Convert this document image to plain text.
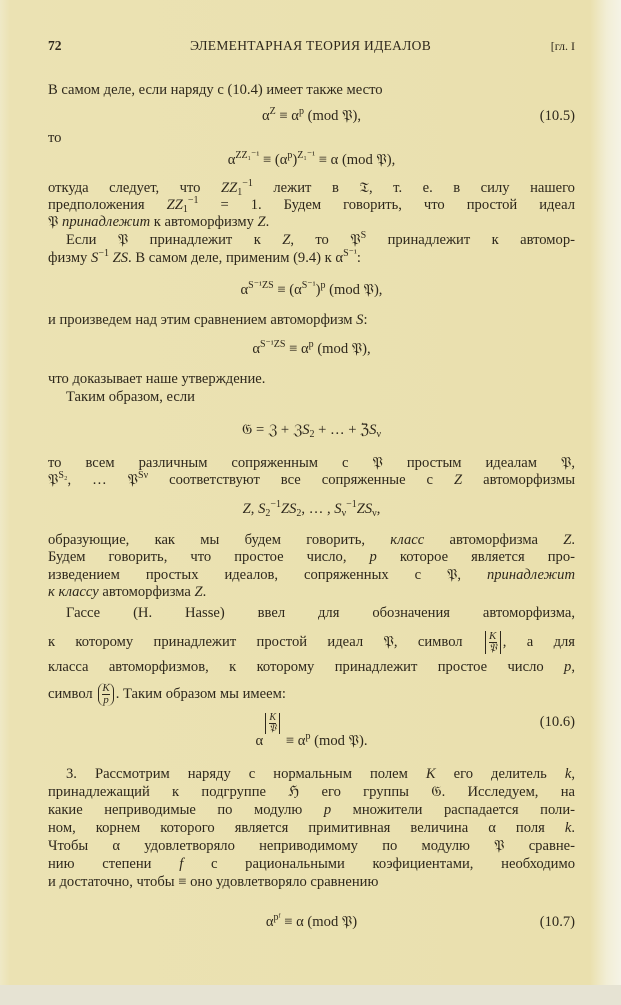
72	ЭЛЕМЕНТАРНАЯ ТЕОРИЯ ИДЕАЛОВ	[гл. I
В самом деле, если наряду с (10.4) имеет также место
$\alpha^Z \equiv \alpha^p$ (mod 𝔓),	(10.5)
то
$\alpha^{ZZ_1^{-1}} \equiv (\alpha^p)^{Z_1^{-1}} \equiv \alpha$ (mod 𝔓),
откуда следует, что $ZZ_1^{-1}$ лежит в 𝔗, т. е. в силу нашего
предположения $ZZ_1^{-1} = 1$. Будем говорить, что простой идеал
𝔓 принадлежит к автоморфизму Z.
Если 𝔓 принадлежит к Z, то 𝔓$^S$ принадлежит к автомор-
физму $S^{-1}$ ZS. В самом деле, применим (9.4) к $\alpha^{S^{-1}}$:
$\alpha^{S^{-1}ZS} \equiv (\alpha^{S^{-1}})^p$ (mod 𝔓),
и произведем над этим сравнением автоморфизм S:
$\alpha^{S^{-1}ZS} \equiv \alpha^p$ (mod 𝔓),
что доказывает наше утверждение.
Таким образом, если
𝔊 = ℨ + ℨS$_2$ + … + ℨS$_\nu$
то всем различным сопряженным с 𝔓 простым идеалам 𝔓,
𝔓$^{S_2}$, … 𝔓$^{S\nu}$ соответствуют все сопряженные с Z автоморфизмы
Z, $S_2^{-1}ZS_2$, … , $S_\nu^{-1}ZS_\nu$,
образующие, как мы будем говорить, класс автоморфизма Z.
Будем говорить, что простое число, p которое является про-
изведением простых идеалов, сопряженных с 𝔓, принадлежит
к классу автоморфизма Z.
Гассе (H. Hasse) ввел для обозначения автоморфизма,
к которому принадлежит простой идеал 𝔓, символ $\frac{K}{\text{𝔓}}$ , а для
класса автоморфизмов, к которому принадлежит простое число p,
символ $\frac{K}{p}$ . Таким образом мы имеем:
α
$\frac{K}{\text{𝔓}}$
≡ $\alpha^p$ (mod 𝔓).
(10.6)
3. Рассмотрим наряду с нормальным полем K его делитель k,
принадлежащий к подгруппе ℌ его группы 𝔊. Исследуем, на
какие неприводимые по модулю p множители распадается поли-
ном, корнем которого является примитивная величина α поля k.
Чтобы α удовлетворяло неприводимому по модулю 𝔓 сравне-
нию степени f с рациональными коэфициентами, необходимо
и достаточно, чтобы ≡ оно удовлетворяло сравнению
$\alpha^{pᶠ} \equiv \alpha$ (mod 𝔓)	(10.7)
